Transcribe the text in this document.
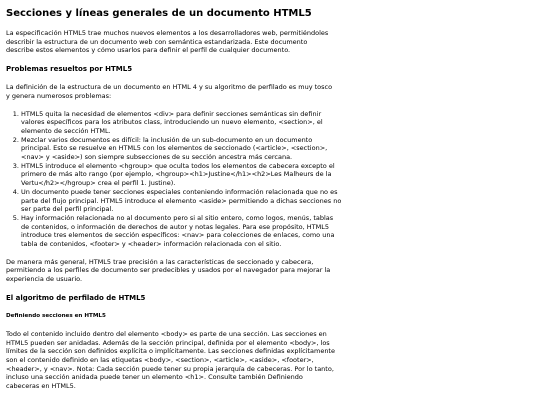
Secciones y líneas generales de un documento HTML5

La especificación HTML5 trae muchos nuevos elementos a los desarrolladores web, permitiéndoles describir la estructura de un documento web con semántica estandarizada. Este documento describe estos elementos y cómo usarlos para definir el perfil de cualquier documento.

Problemas resueltos por HTML5

La definición de la estructura de un documento en HTML 4 y su algoritmo de perfilado es muy tosco y genera numerosos problemas:

1. HTML5 quita la necesidad de elementos <div> para definir secciones semánticas sin definir valores específicos para los atributos class, introduciendo un nuevo elemento, <section>, el elemento de sección HTML.
2. Mezclar varios documentos es difícil: la inclusión de un sub-documento en un documento principal. Esto se resuelve en HTML5 con los elementos de seccionado (<article>, <section>, <nav> y <aside>) son siempre subsecciones de su sección ancestra más cercana.
3. HTML5 introduce el elemento <hgroup> que oculta todos los elementos de cabecera excepto el primero de más alto rango (por ejemplo, <hgroup><h1>Justine</h1><h2>Les Malheurs de la Vertu</h2></hgroup> crea el perfil 1. Justine).
4. Un documento puede tener secciones especiales conteniendo información relacionada que no es parte del flujo principal. HTML5 introduce el elemento <aside> permitiendo a dichas secciones no ser parte del perfil principal.
5. Hay información relacionada no al documento pero si al sitio entero, como logos, menús, tablas de contenidos, o información de derechos de autor y notas legales. Para ese propósito, HTML5 introduce tres elementos de sección específicos: <nav> para colecciones de enlaces, como una tabla de contenidos, <footer> y <header> información relacionada con el sitio.

De manera más general, HTML5 trae precisión a las características de seccionado y cabecera, permitiendo a los perfiles de documento ser predecibles y usados por el navegador para mejorar la experiencia de usuario.

El algoritmo de perfilado de HTML5
Definiendo secciones en HTML5

Todo el contenido incluido dentro del elemento <body> es parte de una sección. Las secciones en HTML5 pueden ser anidadas. Además de la sección principal, definida por el elemento <body>, los límites de la sección son definidos explícita o implícitamente. Las secciones definidas explícitamente son el contenido definido en las etiquetas <body>, <section>, <article>, <aside>, <footer>, <header>, y <nav>. Nota: Cada sección puede tener su propia jerarquía de cabeceras. Por lo tanto, incluso una sección anidada puede tener un elemento <h1>. Consulte también Definiendo cabeceras en HTML5.
